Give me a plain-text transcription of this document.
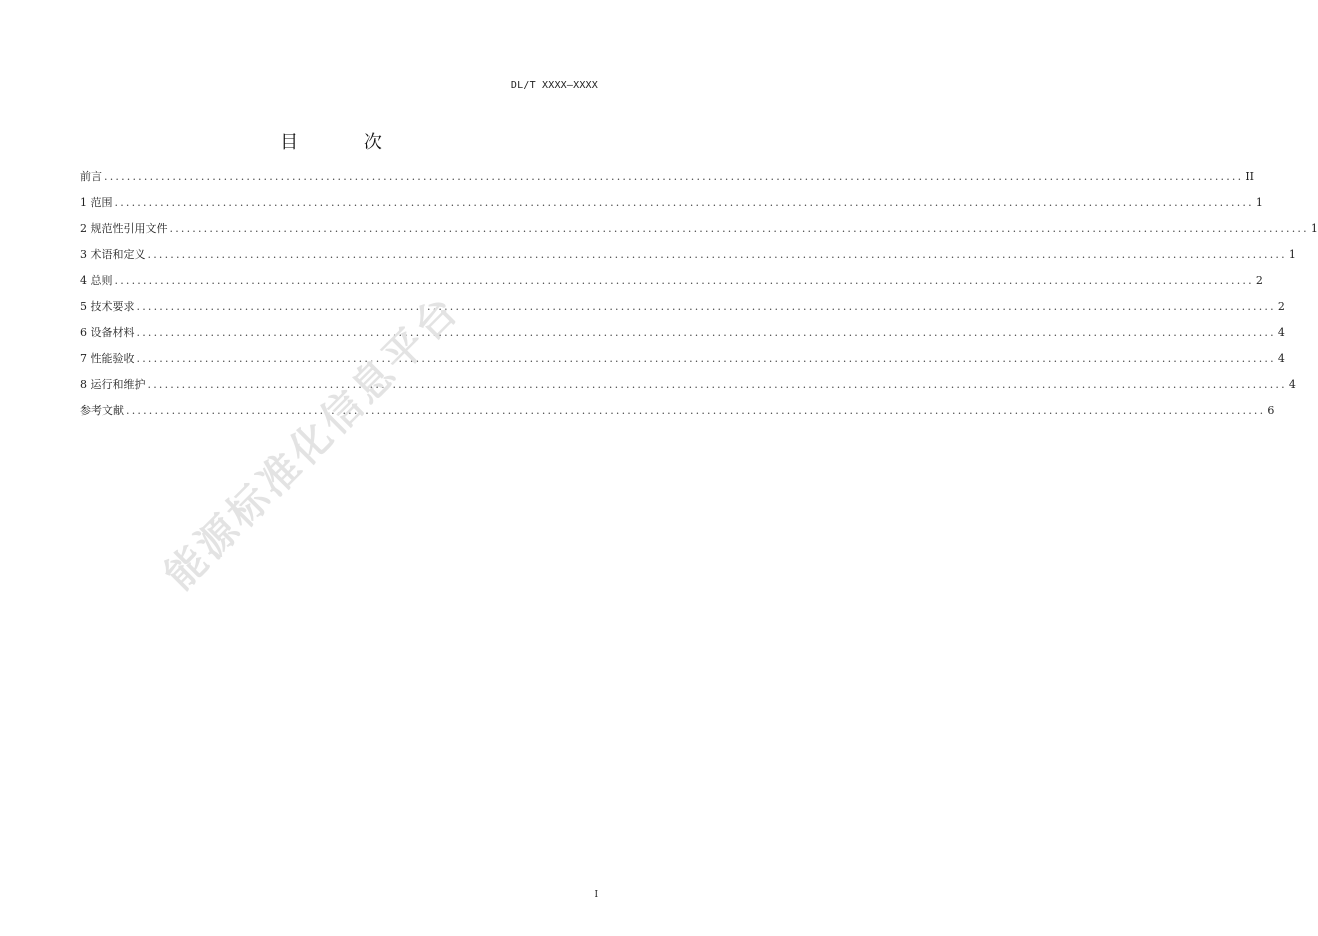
DL/T XXXX—XXXX
目 次
前言 ........................................................................................................................................................................................................ II
1 范围 ........................................................................................................................................................................................................ 1
2 规范性引用文件 ........................................................................................................................................................................................................ 1
3 术语和定义 ........................................................................................................................................................................................................ 1
4 总则 ........................................................................................................................................................................................................ 2
5 技术要求 ........................................................................................................................................................................................................ 2
6 设备材料 ........................................................................................................................................................................................................ 4
7 性能验收 ........................................................................................................................................................................................................ 4
8 运行和维护 ........................................................................................................................................................................................................ 4
参考文献 ........................................................................................................................................................................................................ 6
能源标准化信息平台
I
